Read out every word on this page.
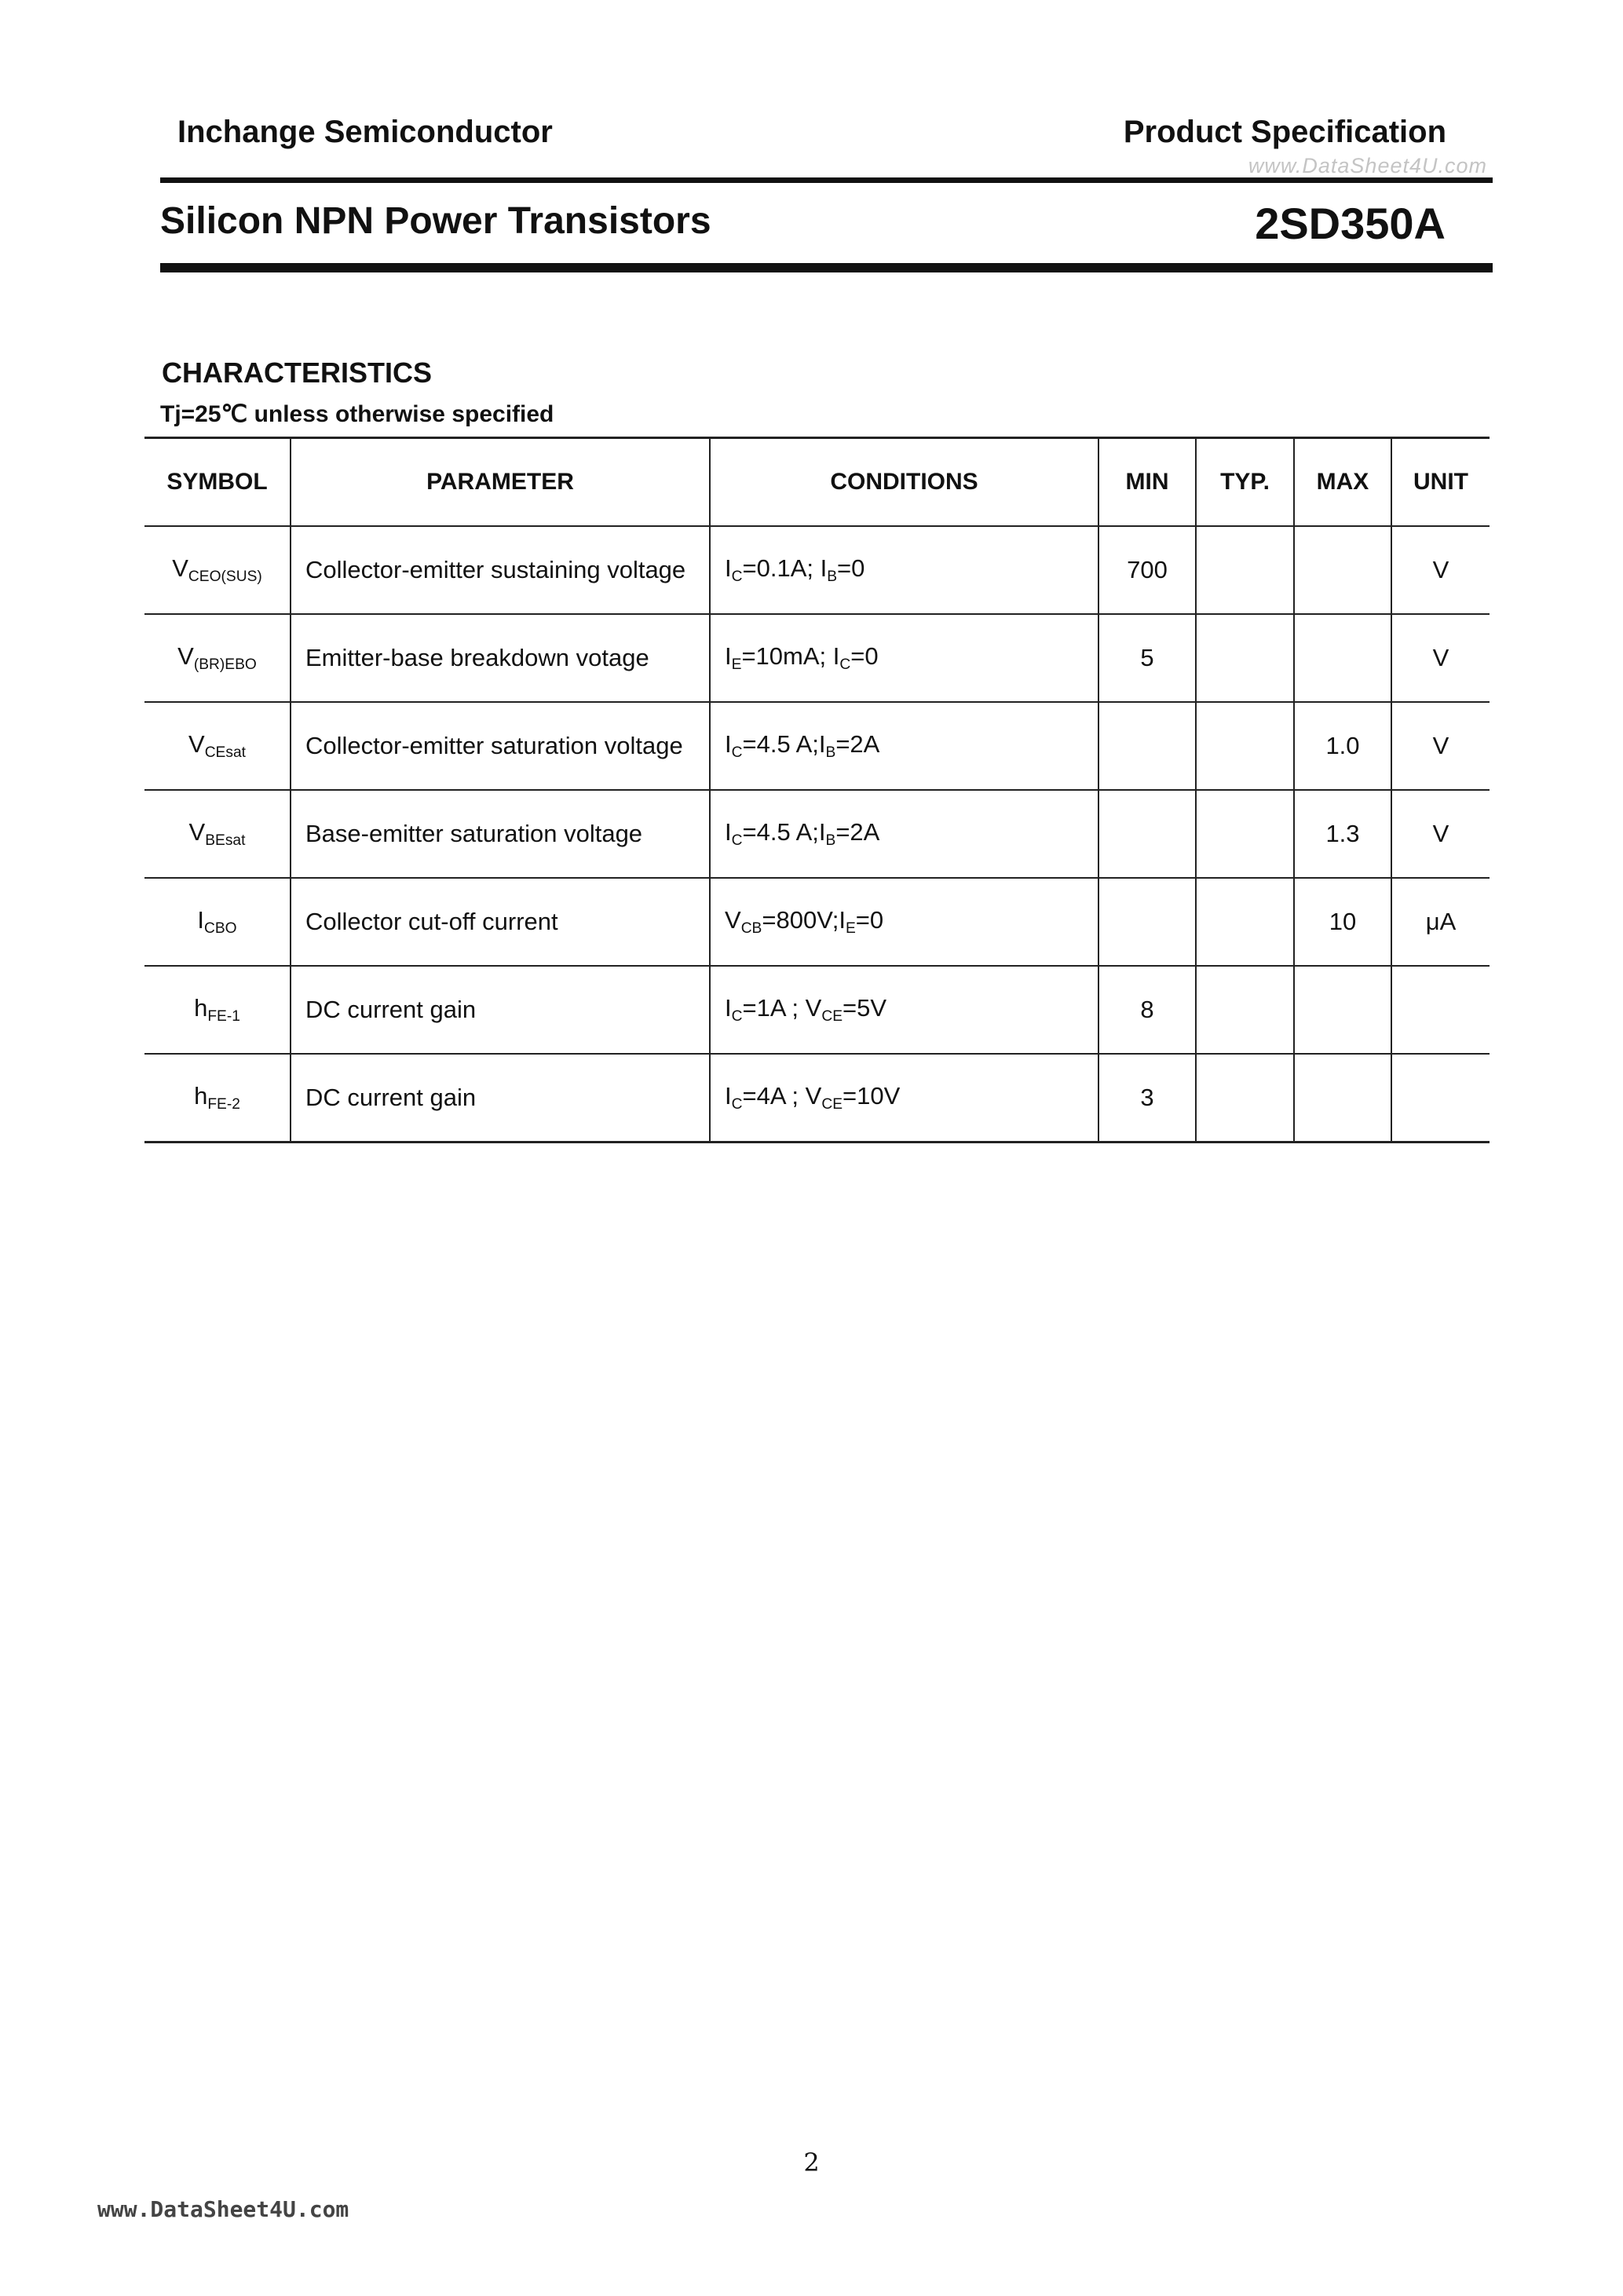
Inchange Semiconductor	Product Specification
www.DataSheet4U.com
Silicon NPN Power Transistors	2SD350A
CHARACTERISTICS
Tj=25℃ unless otherwise specified
SYMBOL	PARAMETER	CONDITIONS	MIN	TYP.	MAX	UNIT
$V_{CEO(SUS)}$	Collector-emitter sustaining voltage	$I_C=0.1A$; $I_B=0$	700			V
$V_{(BR)EBO}$	Emitter-base breakdown votage	$I_E=10mA$; $I_C=0$	5			V
$V_{CEsat}$	Collector-emitter saturation voltage	$I_C=4.5$ $A;I_B=2A$			1.0	V
$V_{BEsat}$	Base-emitter saturation voltage	$I_C=4.5$ $A;I_B=2A$			1.3	V
$I_{CBO}$	Collector cut-off current	$V_{CB}=800V;I_E=0$			10	μA
$h_{FE-1}$	DC current gain	$I_C=1A$ ; $V_{CE}=5V$	8			
$h_{FE-2}$	DC current gain	$I_C=4A$ ; $V_{CE}=10V$	3			
2
www.DataSheet4U.com
